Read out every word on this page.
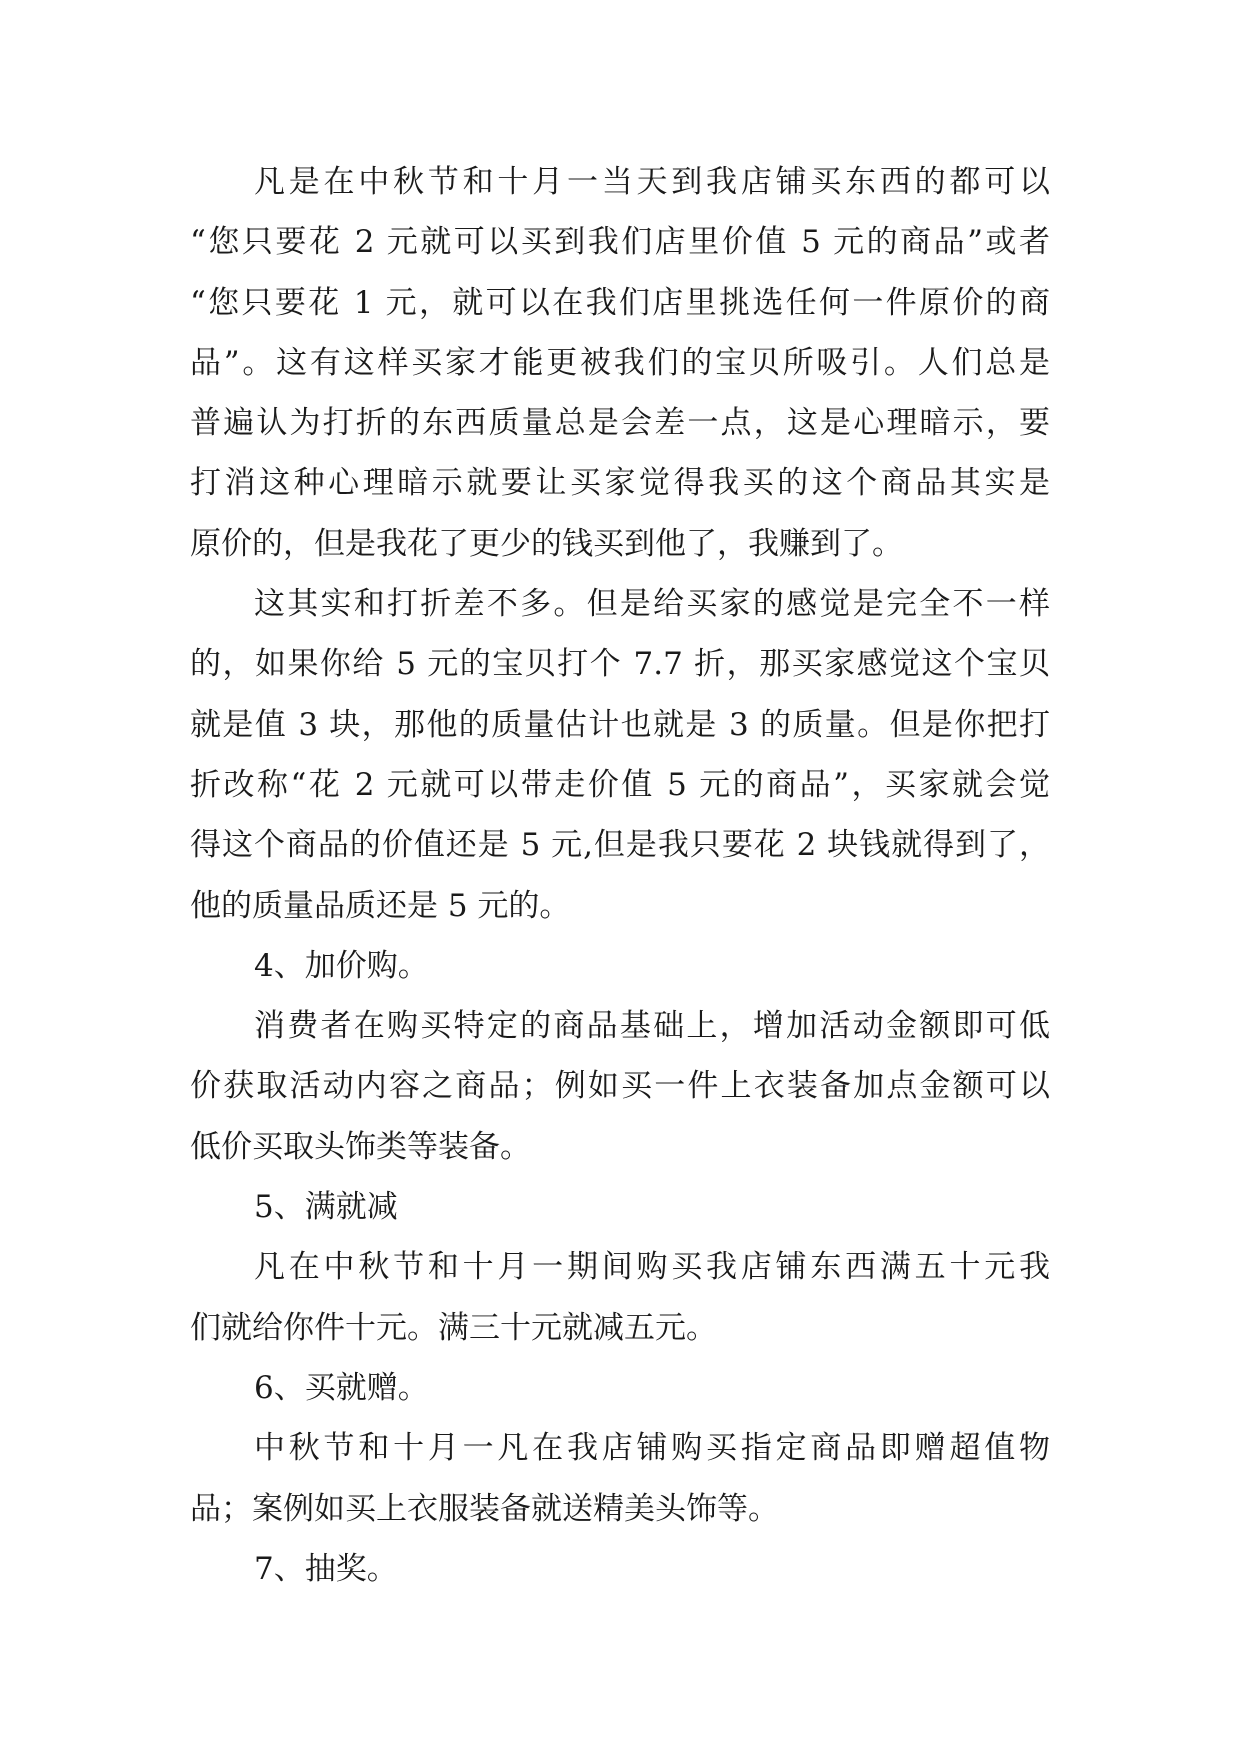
凡是在中秋节和十月一当天到我店铺买东西的都可以
“您只要花 2 元就可以买到我们店里价值 5 元的商品”或者
“您只要花 1 元，就可以在我们店里挑选任何一件原价的商
品”。这有这样买家才能更被我们的宝贝所吸引。人们总是
普遍认为打折的东西质量总是会差一点，这是心理暗示，要
打消这种心理暗示就要让买家觉得我买的这个商品其实是
原价的，但是我花了更少的钱买到他了，我赚到了。
这其实和打折差不多。但是给买家的感觉是完全不一样
的，如果你给 5 元的宝贝打个 7.7 折，那买家感觉这个宝贝
就是值 3 块，那他的质量估计也就是 3 的质量。但是你把打
折改称“花 2 元就可以带走价值 5 元的商品”，买家就会觉
得这个商品的价值还是 5 元,但是我只要花 2 块钱就得到了，
他的质量品质还是 5 元的。
4、加价购。
消费者在购买特定的商品基础上，增加活动金额即可低
价获取活动内容之商品；例如买一件上衣装备加点金额可以
低价买取头饰类等装备。
5、满就减
凡在中秋节和十月一期间购买我店铺东西满五十元我
们就给你件十元。满三十元就减五元。
6、买就赠。
中秋节和十月一凡在我店铺购买指定商品即赠超值物
品；案例如买上衣服装备就送精美头饰等。
7、抽奖。
